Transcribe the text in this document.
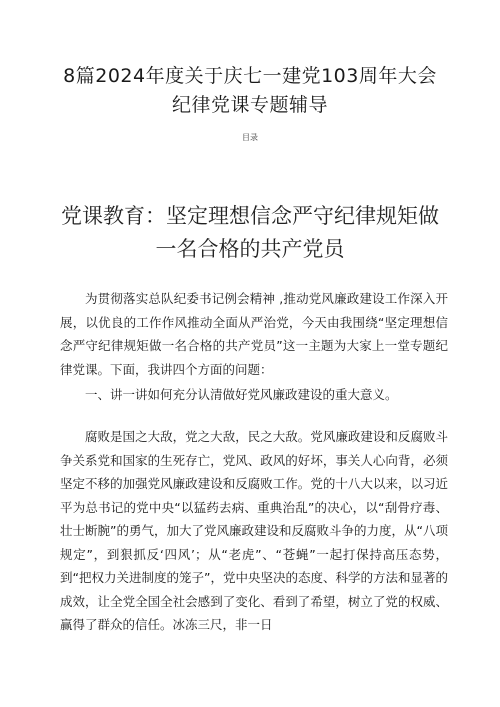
8篇2024年度关于庆七一建党103周年大会纪律党课专题辅导

目录

党课教育：坚定理想信念严守纪律规矩做一名合格的共产党员

为贯彻落实总队纪委书记例会精神 ,推动党风廉政建设工作深入开展，以优良的工作作风推动全面从严治党，今天由我围绕“坚定理想信念严守纪律规矩做一名合格的共产党员”这一主题为大家上一堂专题纪律党课。下面，我讲四个方面的问题：

一、讲一讲如何充分认清做好党风廉政建设的重大意义。

腐败是国之大敌，党之大敌，民之大敌。党风廉政建设和反腐败斗争关系党和国家的生死存亡，党风、政风的好坏，事关人心向背，必须坚定不移的加强党风廉政建设和反腐败工作。党的十八大以来，以习近平为总书记的党中央“以猛药去病、重典治乱”的决心，以“刮骨疗毒、壮士断腕”的勇气，加大了党风廉政建设和反腐败斗争的力度，从“八项规定”，到狠抓反‘四风’；从“老虎”、“苍蝇”一起打保持高压态势，到“把权力关进制度的笼子”，党中央坚决的态度、科学的方法和显著的成效，让全党全国全社会感到了变化、看到了希望，树立了党的权威、赢得了群众的信任。冰冻三尺，非一日
